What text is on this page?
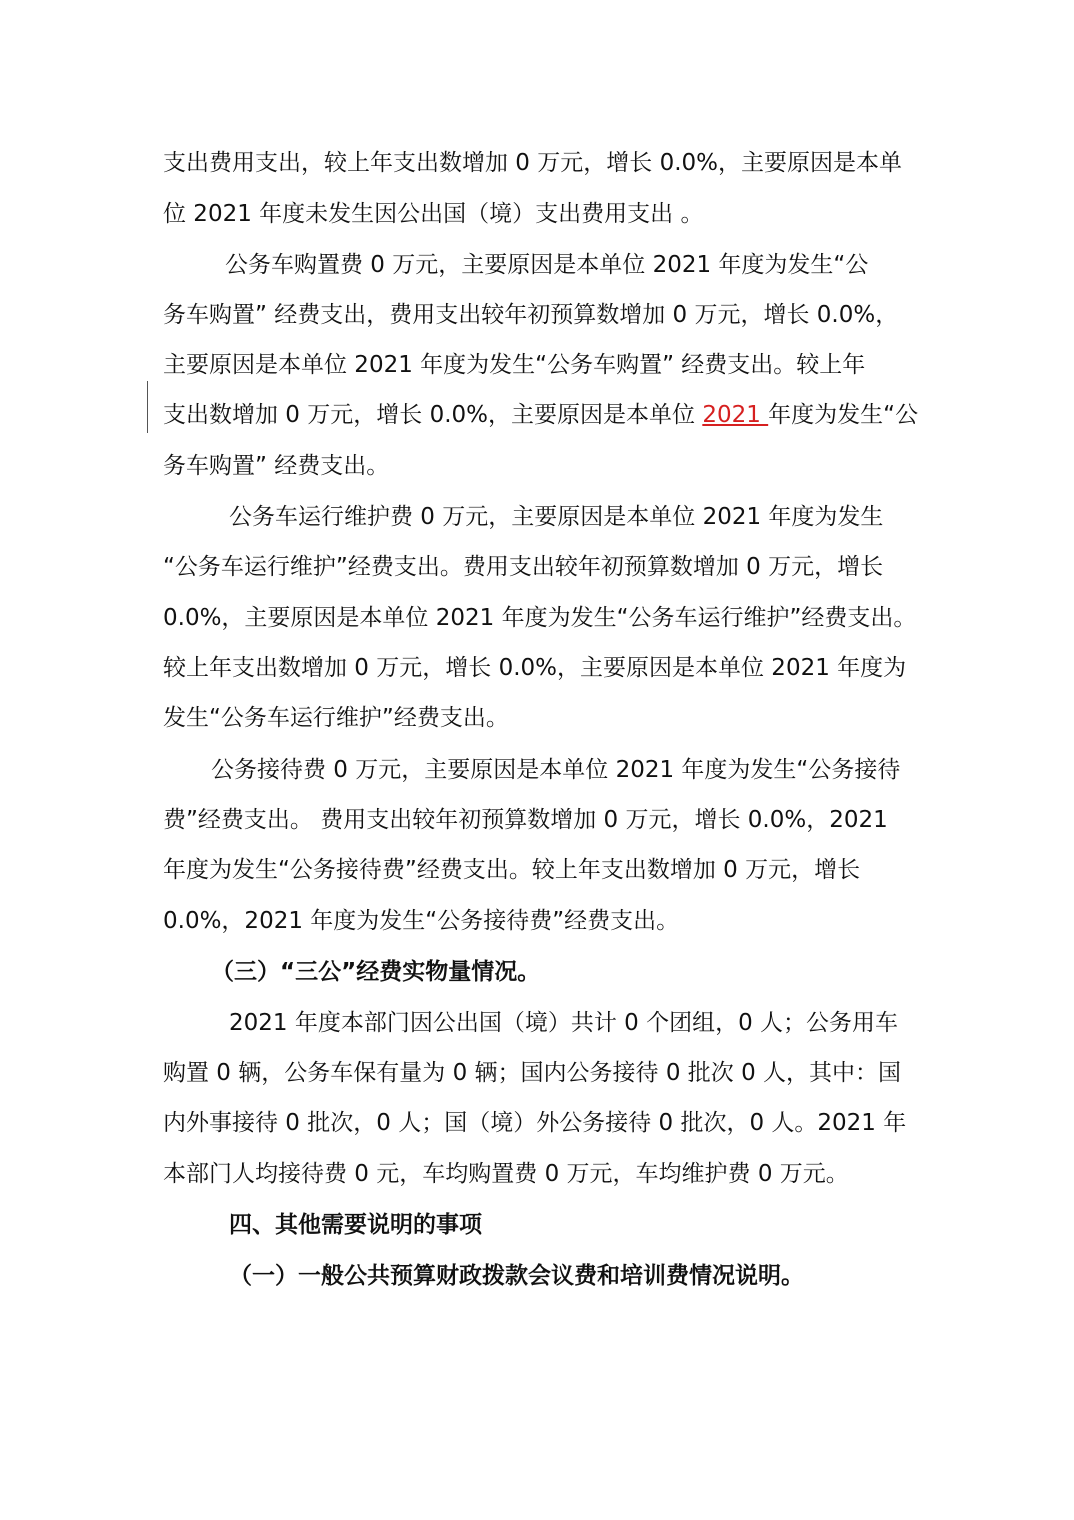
支出费用支出，较上年支出数增加 0 万元，增长 0.0%，主要原因是本单
位 2021 年度未发生因公出国（境）支出费用支出 。
公务车购置费 0 万元，主要原因是本单位 2021 年度为发生“公
务车购置” 经费支出，费用支出较年初预算数增加 0 万元，增长 0.0%，
主要原因是本单位 2021 年度为发生“公务车购置” 经费支出。较上年
支出数增加 0 万元，增长 0.0%，主要原因是本单位 2021 年度为发生“公
务车购置” 经费支出。
公务车运行维护费 0 万元，主要原因是本单位 2021 年度为发生
“公务车运行维护”经费支出。费用支出较年初预算数增加 0 万元，增长
0.0%，主要原因是本单位 2021 年度为发生“公务车运行维护”经费支出。
较上年支出数增加 0 万元，增长 0.0%，主要原因是本单位 2021 年度为
发生“公务车运行维护”经费支出。
公务接待费 0 万元，主要原因是本单位 2021 年度为发生“公务接待
费”经费支出。 费用支出较年初预算数增加 0 万元，增长 0.0%，2021
年度为发生“公务接待费”经费支出。较上年支出数增加 0 万元，增长
0.0%，2021 年度为发生“公务接待费”经费支出。
（三）“三公”经费实物量情况。
2021 年度本部门因公出国（境）共计 0 个团组，0 人；公务用车
购置 0 辆，公务车保有量为 0 辆；国内公务接待 0 批次 0 人，其中：国
内外事接待 0 批次，0 人；国（境）外公务接待 0 批次，0 人。2021 年
本部门人均接待费 0 元，车均购置费 0 万元，车均维护费 0 万元。
四、其他需要说明的事项
（一）一般公共预算财政拨款会议费和培训费情况说明。
